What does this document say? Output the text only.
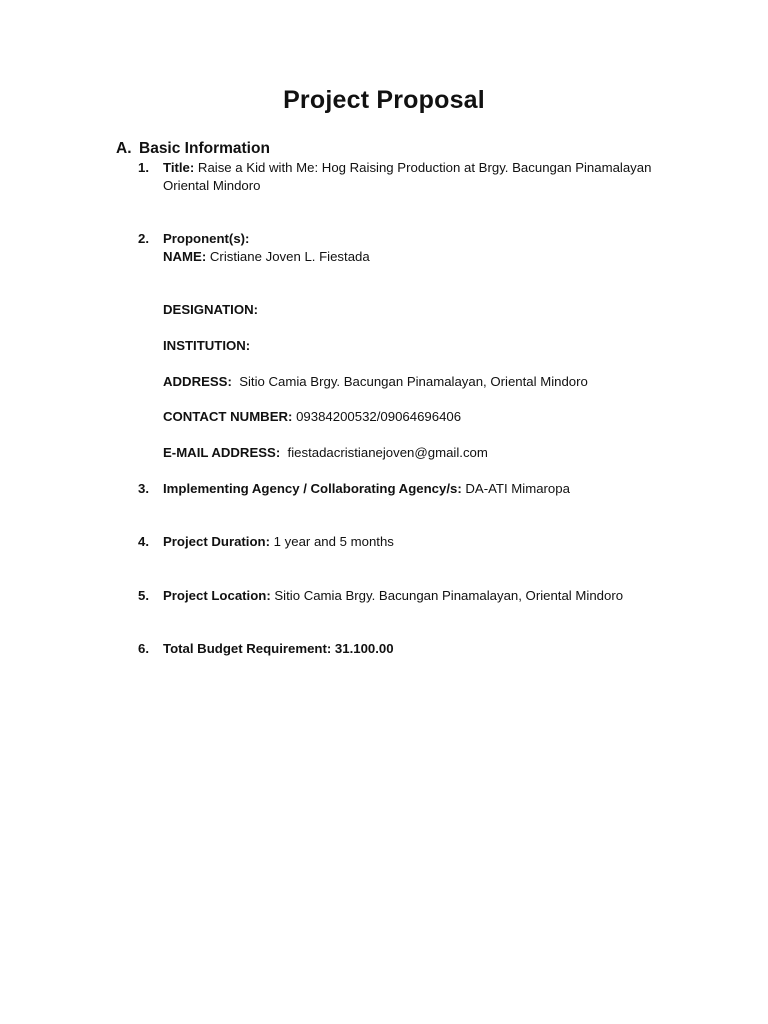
Project Proposal
A. Basic Information
1. Title: Raise a Kid with Me: Hog Raising Production at Brgy. Bacungan Pinamalayan
Oriental Mindoro
2. Proponent(s):
NAME: Cristiane Joven L. Fiestada
DESIGNATION:
INSTITUTION:
ADDRESS:  Sitio Camia Brgy. Bacungan Pinamalayan, Oriental Mindoro
CONTACT NUMBER: 09384200532/09064696406
E-MAIL ADDRESS:  fiestadacristianejoven@gmail.com
3. Implementing Agency / Collaborating Agency/s: DA-ATI Mimaropa
4. Project Duration: 1 year and 5 months
5. Project Location: Sitio Camia Brgy. Bacungan Pinamalayan, Oriental Mindoro
6. Total Budget Requirement: 31.100.00
